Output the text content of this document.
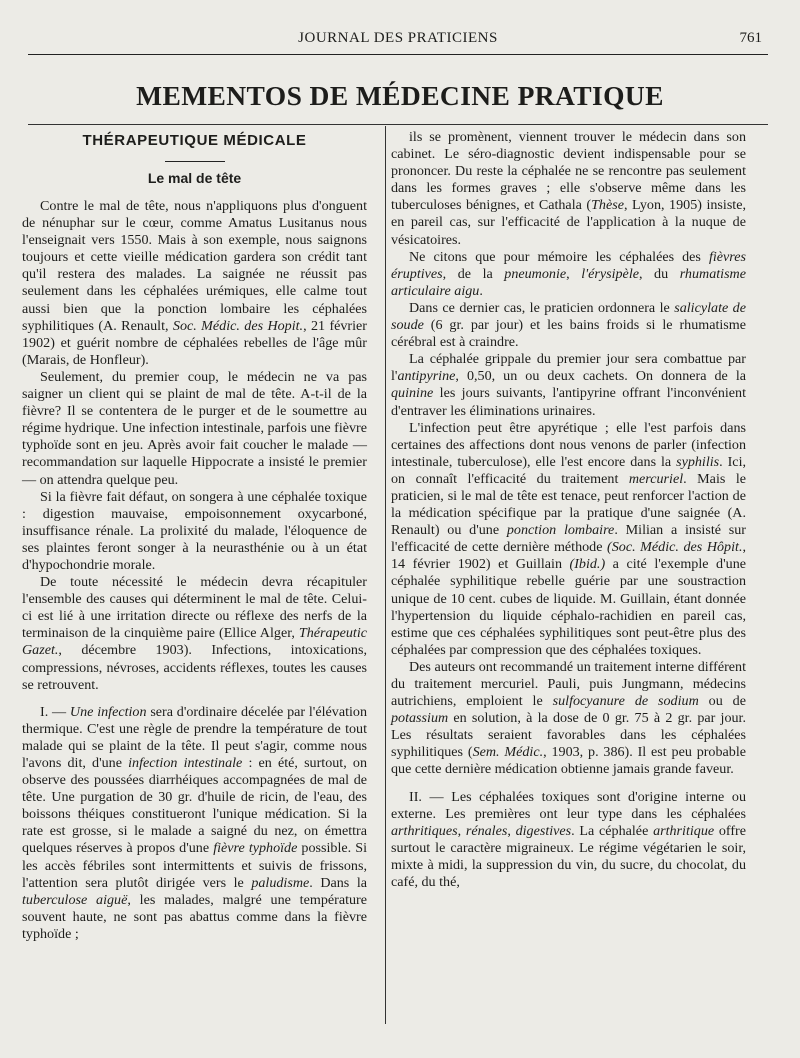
JOURNAL DES PRATICIENS	761
MEMENTOS DE MÉDECINE PRATIQUE
THÉRAPEUTIQUE MÉDICALE
Le mal de tête

Contre le mal de tête, nous n'appliquons plus d'onguent de nénuphar sur le cœur, comme Amatus Lusitanus nous l'enseignait vers 1550. Mais à son exemple, nous saignons toujours et cette vieille médication gardera son crédit tant qu'il restera des malades. La saignée ne réussit pas seulement dans les céphalées urémiques, elle calme tout aussi bien que la ponction lombaire les céphalées syphilitiques (A. Renault, Soc. Médic. des Hopit., 21 février 1902) et guérit nombre de céphalées rebelles de l'âge mûr (Marais, de Honfleur).

Seulement, du premier coup, le médecin ne va pas saigner un client qui se plaint de mal de tête. A-t-il de la fièvre? Il se contentera de le purger et de le soumettre au régime hydrique. Une infection intestinale, parfois une fièvre typhoïde sont en jeu. Après avoir fait coucher le malade — recommandation sur laquelle Hippocrate a insisté le premier — on attendra quelque peu.

Si la fièvre fait défaut, on songera à une céphalée toxique : digestion mauvaise, empoisonnement oxycarboné, insuffisance rénale. La prolixité du malade, l'éloquence de ses plaintes feront songer à la neurasthénie ou à un état d'hypochondrie morale.

De toute nécessité le médecin devra récapituler l'ensemble des causes qui déterminent le mal de tête. Celui-ci est lié à une irritation directe ou réflexe des nerfs de la terminaison de la cinquième paire (Ellice Alger, Thérapeutic Gazet., décembre 1903). Infections, intoxications, compressions, névroses, accidents réflexes, toutes les causes se retrouvent.

I. — Une infection sera d'ordinaire décelée par l'élévation thermique. C'est une règle de prendre la température de tout malade qui se plaint de la tête. Il peut s'agir, comme nous l'avons dit, d'une infection intestinale : en été, surtout, on observe des poussées diarrhéiques accompagnées de mal de tête. Une purgation de 30 gr. d'huile de ricin, de l'eau, des boissons théiques constitueront l'unique médication. Si la rate est grosse, si le malade a saigné du nez, on émettra quelques réserves à propos d'une fièvre typhoïde possible. Si les accès fébriles sont intermittents et suivis de frissons, l'attention sera plutôt dirigée vers le paludisme. Dans la tuberculose aiguë, les malades, malgré une température souvent haute, ne sont pas abattus comme dans la fièvre typhoïde ;

ils se promènent, viennent trouver le médecin dans son cabinet. Le séro-diagnostic devient indispensable pour se prononcer. Du reste la céphalée ne se rencontre pas seulement dans les formes graves ; elle s'observe même dans les tuberculoses bénignes, et Cathala (Thèse, Lyon, 1905) insiste, en pareil cas, sur l'efficacité de l'application à la nuque de vésicatoires.

Ne citons que pour mémoire les céphalées des fièvres éruptives, de la pneumonie, l'érysipèle, du rhumatisme articulaire aigu.

Dans ce dernier cas, le praticien ordonnera le salicylate de soude (6 gr. par jour) et les bains froids si le rhumatisme cérébral est à craindre.

La céphalée grippale du premier jour sera combattue par l'antipyrine, 0,50, un ou deux cachets. On donnera de la quinine les jours suivants, l'antipyrine offrant l'inconvénient d'entraver les éliminations urinaires.

L'infection peut être apyrétique ; elle l'est parfois dans certaines des affections dont nous venons de parler (infection intestinale, tuberculose), elle l'est encore dans la syphilis. Ici, on connaît l'efficacité du traitement mercuriel. Mais le praticien, si le mal de tête est tenace, peut renforcer l'action de la médication spécifique par la pratique d'une saignée (A. Renault) ou d'une ponction lombaire. Milian a insisté sur l'efficacité de cette dernière méthode (Soc. Médic. des Hôpit., 14 février 1902) et Guillain (Ibid.) a cité l'exemple d'une céphalée syphilitique rebelle guérie par une soustraction unique de 10 cent. cubes de liquide. M. Guillain, étant donnée l'hypertension du liquide céphalo-rachidien en pareil cas, estime que ces céphalées syphilitiques sont peut-être plus des céphalées par compression que des céphalées toxiques.

Des auteurs ont recommandé un traitement interne différent du traitement mercuriel. Pauli, puis Jungmann, médecins autrichiens, emploient le sulfocyanure de sodium ou de potassium en solution, à la dose de 0 gr. 75 à 2 gr. par jour. Les résultats seraient favorables dans les céphalées syphilitiques (Sem. Médic., 1903, p. 386). Il est peu probable que cette dernière médication obtienne jamais grande faveur.

II. — Les céphalées toxiques sont d'origine interne ou externe. Les premières ont leur type dans les céphalées arthritiques, rénales, digestives. La céphalée arthritique offre surtout le caractère migraineux. Le régime végétarien le soir, mixte à midi, la suppression du vin, du sucre, du chocolat, du café, du thé,
